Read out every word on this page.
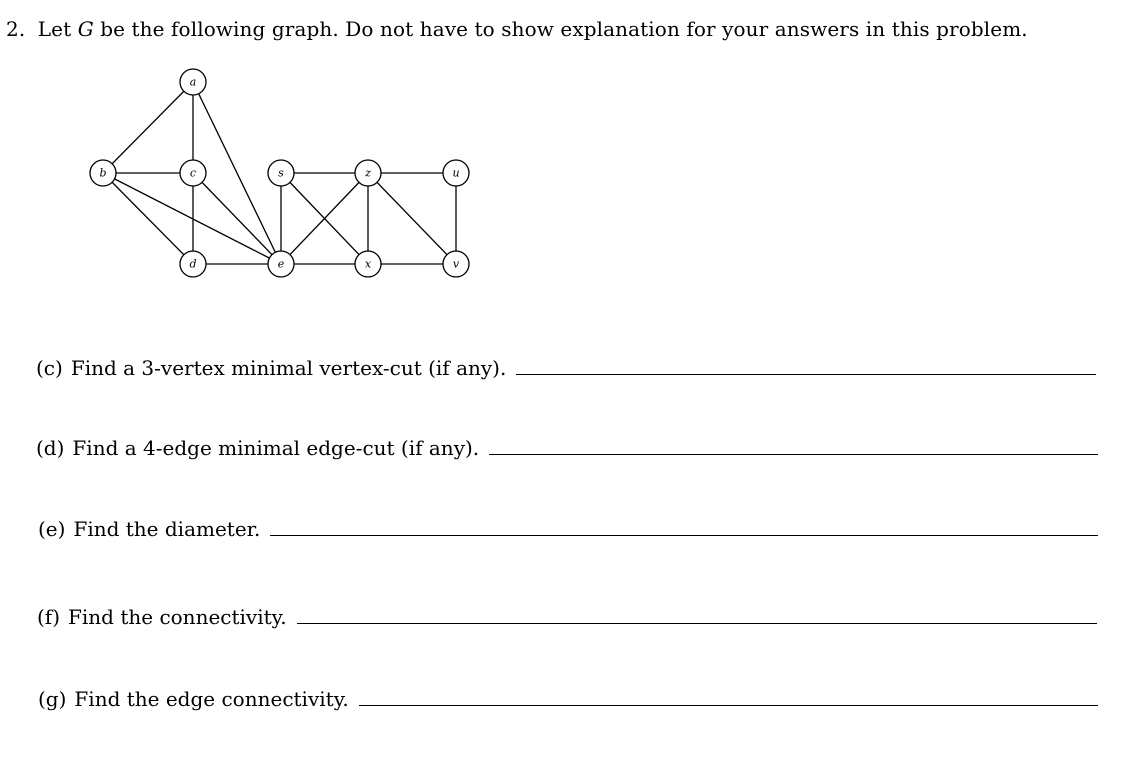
2. Let G be the following graph. Do not have to show explanation for your answers in this problem.
a
b	c
d	e
s	z
x
u
v
(c) Find a 3-vertex minimal vertex-cut (if any).
(d) Find a 4-edge minimal edge-cut (if any).
(e) Find the diameter.
(f) Find the connectivity.
(g) Find the edge connectivity.
